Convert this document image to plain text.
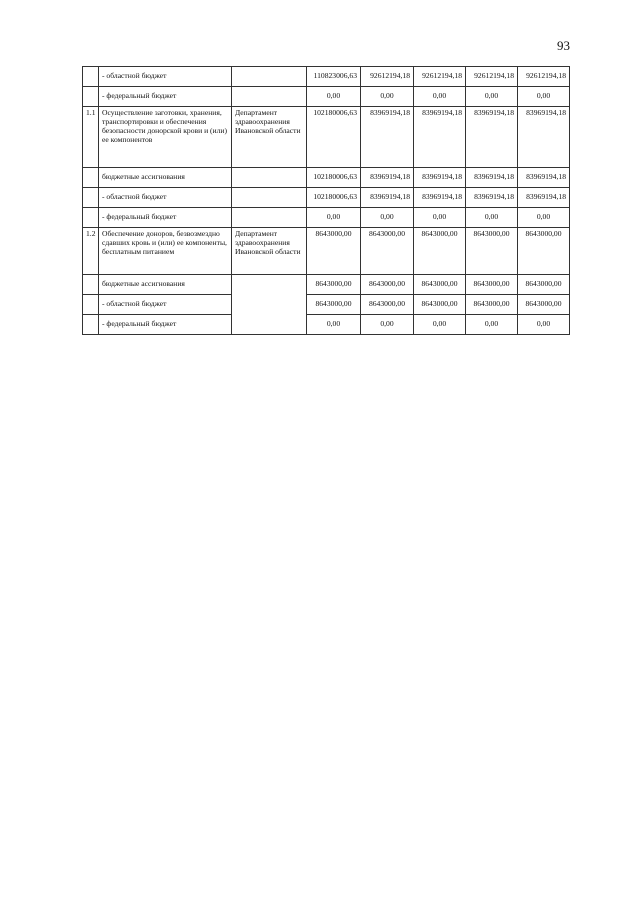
93
	- областной бюджет		110823006,63	92612194,18	92612194,18	92612194,18	92612194,18
	- федеральный бюджет		0,00	0,00	0,00	0,00	0,00
1.1	Осуществление заготовки, хранения, транспортировки и обеспечения безопасности донорской крови и (или) ее компонентов	Департамент здравоохранения Ивановской области	102180006,63	83969194,18	83969194,18	83969194,18	83969194,18
	бюджетные ассигнования		102180006,63	83969194,18	83969194,18	83969194,18	83969194,18
	- областной бюджет		102180006,63	83969194,18	83969194,18	83969194,18	83969194,18
	- федеральный бюджет		0,00	0,00	0,00	0,00	0,00
1.2	Обеспечение доноров, безвозмездно сдавших кровь и (или) ее компоненты, бесплатным питанием	Департамент здравоохранения Ивановской области	8643000,00	8643000,00	8643000,00	8643000,00	8643000,00
	бюджетные ассигнования		8643000,00	8643000,00	8643000,00	8643000,00	8643000,00
	- областной бюджет		8643000,00	8643000,00	8643000,00	8643000,00	8643000,00
	- федеральный бюджет		0,00	0,00	0,00	0,00	0,00
